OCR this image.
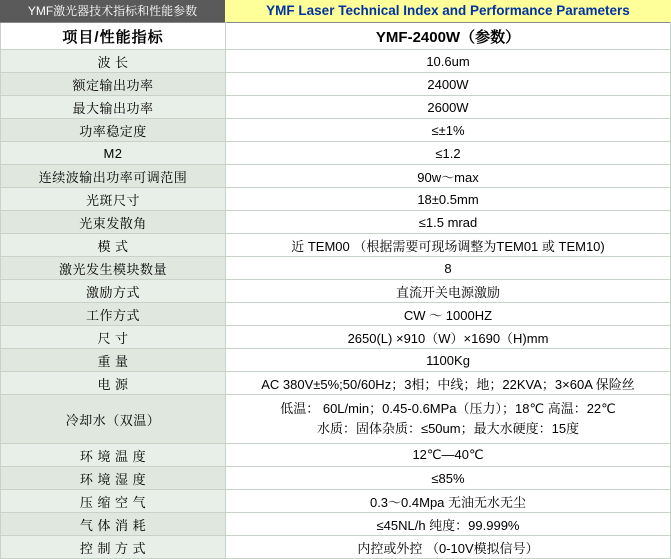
YMF激光器技术指标和性能参数	YMF Laser Technical Index and Performance Parameters
项目/性能指标	YMF-2400W（参数）
波 长	10.6um
额定输出功率	2400W
最大输出功率	2600W
功率稳定度	≤±1%
M2	≤1.2
连续波输出功率可调范围	90w～max
光斑尺寸	18±0.5mm
光束发散角	≤1.5 mrad
模 式	近 TEM00 （根据需要可现场调整为TEM01 或 TEM10)
激光发生模块数量	8
激励方式	直流开关电源激励
工作方式	CW ～ 1000HZ
尺 寸	2650(L) ×910（W）×1690（H)mm
重 量	1100Kg
电 源	AC 380V±5%;50/60Hz；3相；中线；地；22KVA；3×60A 保险丝
冷却水（双温）	低温： 60L/min；0.45-0.6MPa（压力）；18℃ 高温：22℃
水质：固体杂质：≤50um；最大水硬度：15度

环 境 温 度	12℃—40℃
环 境 湿 度	≤85%
压 缩 空 气	0.3～0.4Mpa 无油无水无尘
气 体 消 耗	≤45NL/h 纯度：99.999%
控 制 方 式	内控或外控 （0-10V模拟信号）
